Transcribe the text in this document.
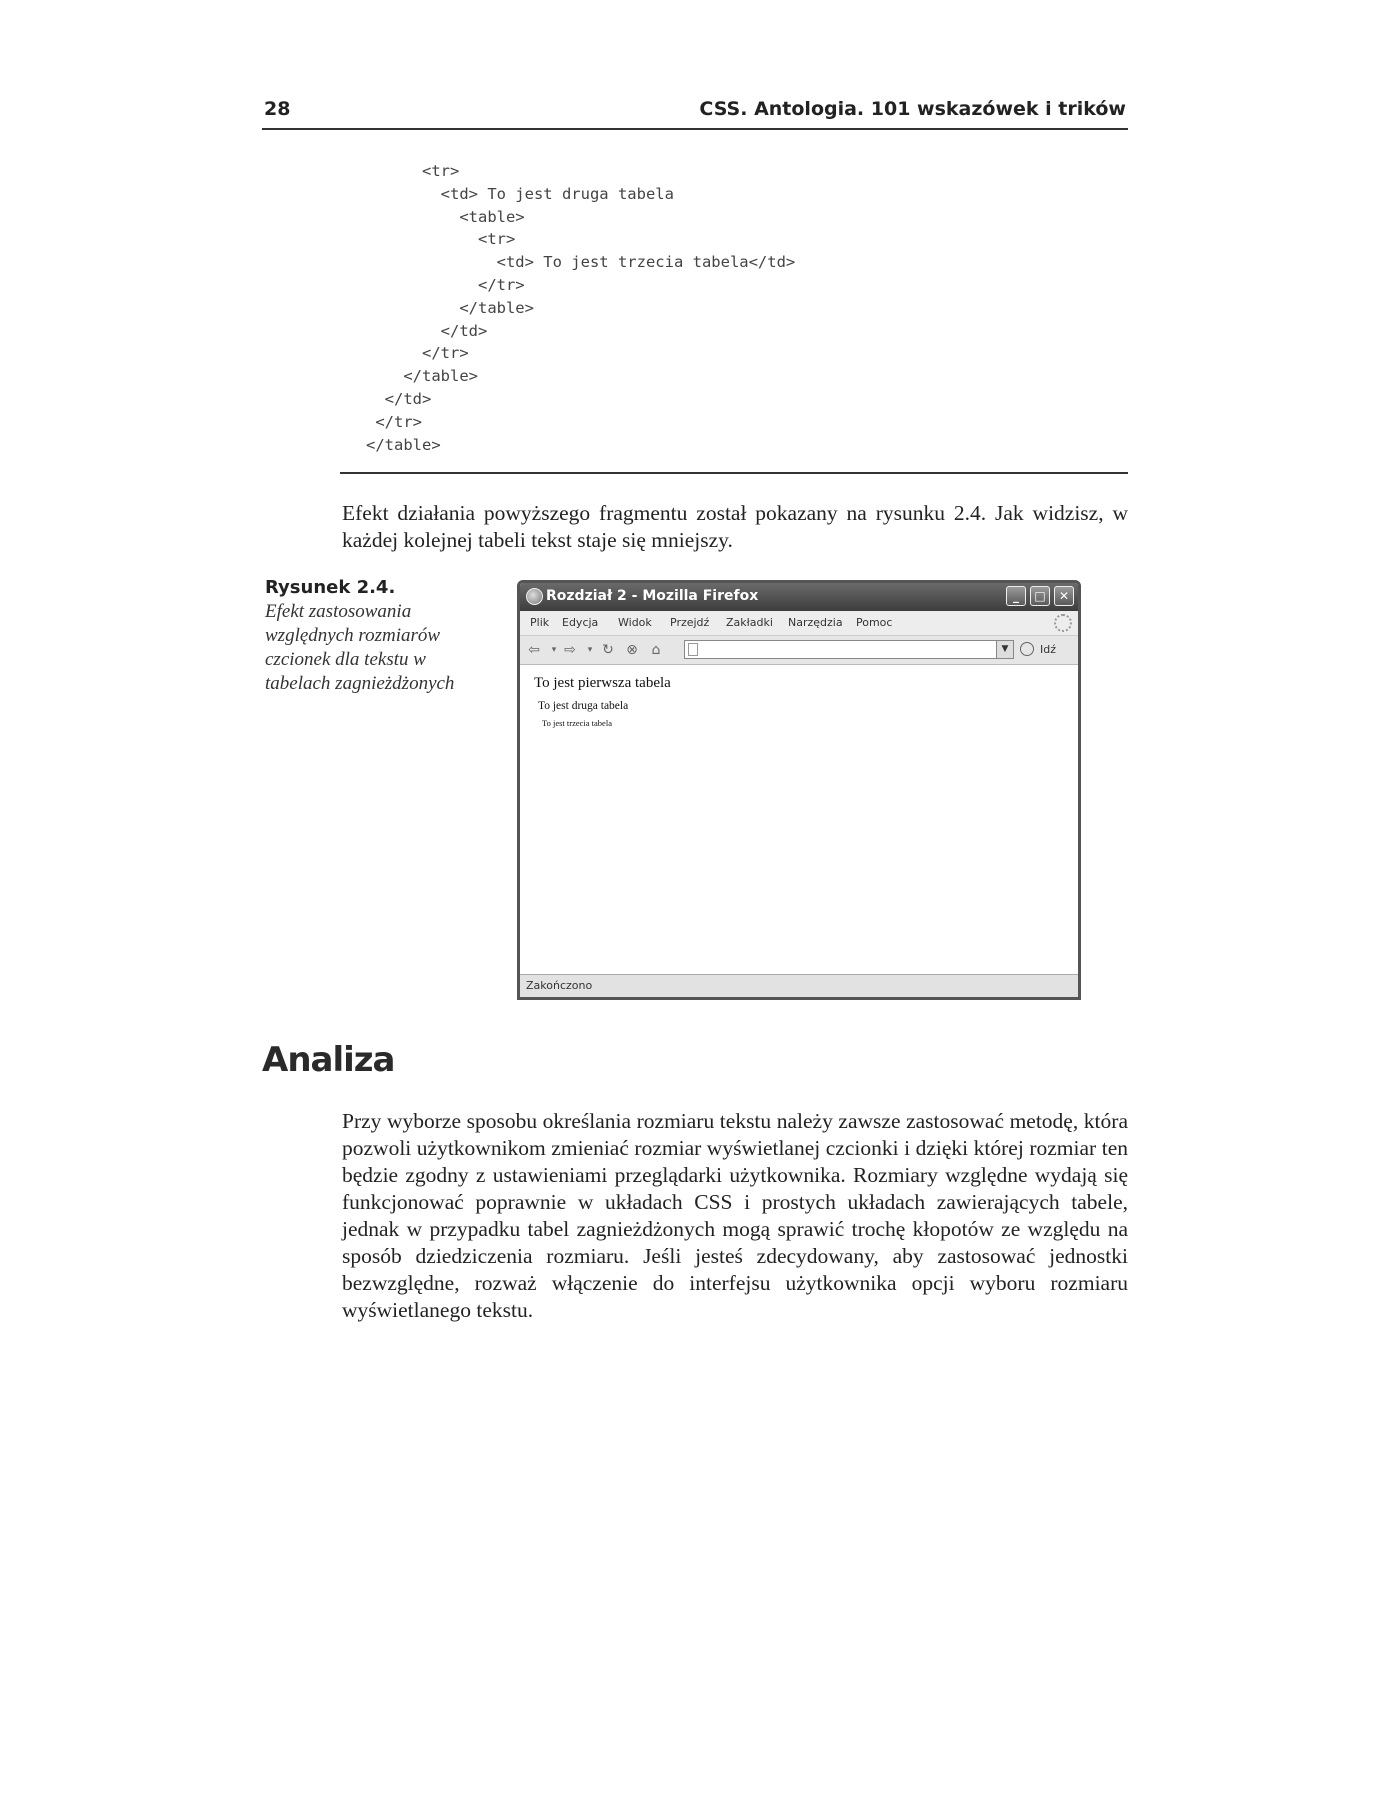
28	CSS. Antologia. 101 wskazówek i trików
<tr>
<td> To jest druga tabela
<table>
<tr>
<td> To jest trzecia tabela</td>
</tr>
</table>
</td>
</tr>
</table>
</td>
</tr>
</table>

Efekt działania powyższego fragmentu został pokazany na rysunku 2.4. Jak widzisz, w każdej kolejnej tabeli tekst staje się mniejszy.

Rysunek 2.4.
Efekt zastosowania względnych rozmiarów czcionek dla tekstu w tabelach zagnieżdżonych
Rozdział 2 - Mozilla Firefox	_	□	✕
Plik Edycja Widok Przejdź Zakładki Narzędzia Pomoc
⇦	▾ ⇨	▾ ↻ ⊗ ⌂	▼	Idź
To jest pierwsza tabela
To jest druga tabela
To jest trzecia tabela
Zakończono
Analiza

Przy wyborze sposobu określania rozmiaru tekstu należy zawsze zastosować metodę, która pozwoli użytkownikom zmieniać rozmiar wyświetlanej czcionki i dzięki której rozmiar ten będzie zgodny z ustawieniami przeglądarki użytkownika. Rozmiary względne wydają się funkcjonować poprawnie w układach CSS i prostych układach zawierających tabele, jednak w przypadku tabel zagnieżdżonych mogą sprawić trochę kłopotów ze względu na sposób dziedziczenia rozmiaru. Jeśli jesteś zdecydowany, aby zastosować jednostki bezwzględne, rozważ włączenie do interfejsu użytkownika opcji wyboru rozmiaru wyświetlanego tekstu.
